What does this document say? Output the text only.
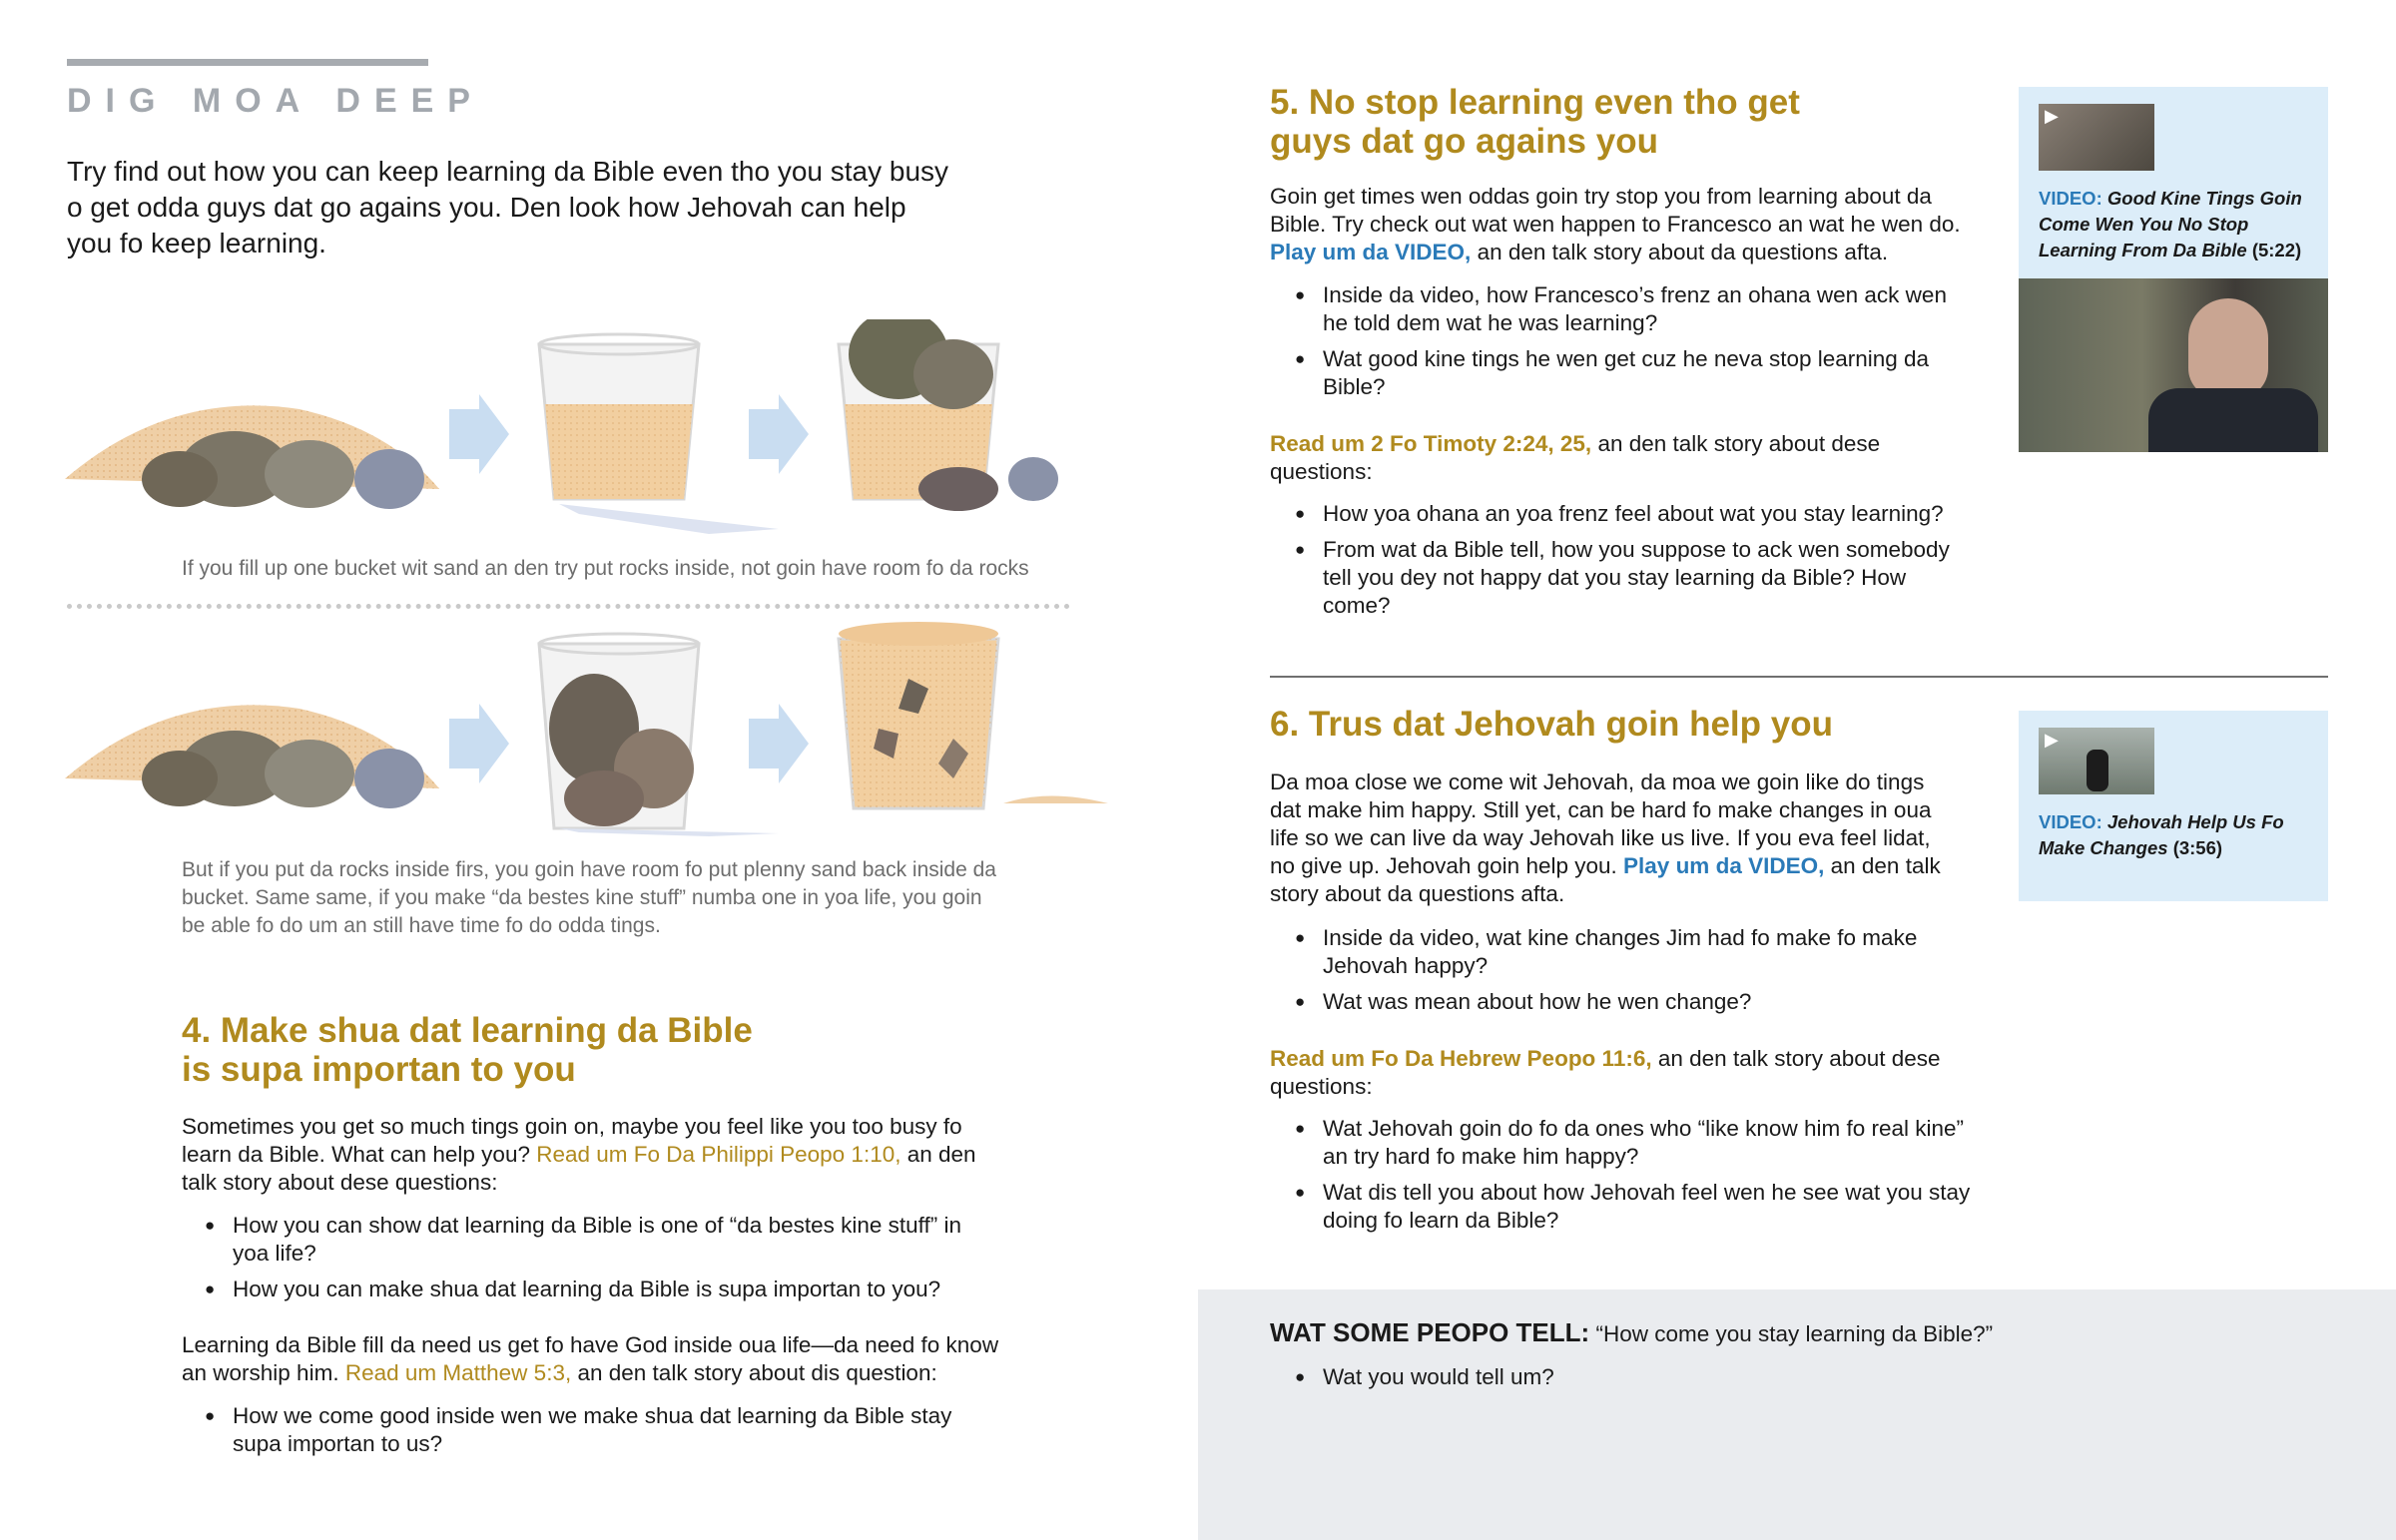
DIG MOA DEEP
Try find out how you can keep learning da Bible even tho you stay busy o get odda guys dat go agains you. Den look how Jehovah can help you fo keep learning.
If you fill up one bucket wit sand an den try put rocks inside, not goin have room fo da rocks
But if you put da rocks inside firs, you goin have room fo put plenny sand back inside da bucket. Same same, if you make “da bestes kine stuff” numba one in yoa life, you goin be able fo do um an still have time fo do odda tings.
4. Make shua dat learning da Bible
is supa importan to you
Sometimes you get so much tings goin on, maybe you feel like you too busy fo learn da Bible. What can help you? Read um Fo Da Philippi Peopo 1:10, an den talk story about dese questions:
● How you can show dat learning da Bible is one of “da bestes kine stuff” in yoa life?
● How you can make shua dat learning da Bible is supa importan to you?
Learning da Bible fill da need us get fo have God inside oua life—da need fo know an worship him. Read um Matthew 5:3, an den talk story about dis question:
● How we come good inside wen we make shua dat learning da Bible stay supa importan to us?
5. No stop learning even tho get
guys dat go agains you
Goin get times wen oddas goin try stop you from learning about da Bible. Try check out wat wen happen to Francesco an wat he wen do. Play um da VIDEO, an den talk story about da questions afta.
● Inside da video, how Francesco’s frenz an ohana wen ack wen he told dem wat he was learning?
● Wat good kine tings he wen get cuz he neva stop learning da Bible?
Read um 2 Fo Timoty 2:24, 25, an den talk story about dese questions:
● How yoa ohana an yoa frenz feel about wat you stay learning?
● From wat da Bible tell, how you suppose to ack wen somebody tell you dey not happy dat you stay learning da Bible? How come?
▶
VIDEO: Good Kine Tings Goin Come Wen You No Stop Learning From Da Bible (5:22)
6. Trus dat Jehovah goin help you
Da moa close we come wit Jehovah, da moa we goin like do tings dat make him happy. Still yet, can be hard fo make changes in oua life so we can live da way Jehovah like us live. If you eva feel lidat, no give up. Jehovah goin help you. Play um da VIDEO, an den talk story about da questions afta.
● Inside da video, wat kine changes Jim had fo make fo make Jehovah happy?
● Wat was mean about how he wen change?
Read um Fo Da Hebrew Peopo 11:6, an den talk story about dese questions:
● Wat Jehovah goin do fo da ones who “like know him fo real kine” an try hard fo make him happy?
● Wat dis tell you about how Jehovah feel wen he see wat you stay doing fo learn da Bible?
▶
VIDEO: Jehovah Help Us Fo Make Changes (3:56)
WAT SOME PEOPO TELL: “How come you stay learning da Bible?”
● Wat you would tell um?
